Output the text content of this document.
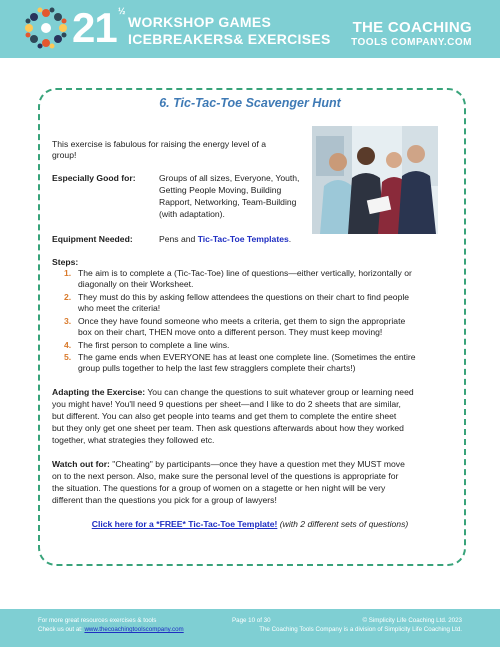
21 ½
WORKSHOP GAMES
ICEBREAKERS& EXERCISES
THE COACHING
TOOLS COMPANY.COM
6. Tic-Tac-Toe Scavenger Hunt
This exercise is fabulous for raising the energy level of a
group!
Especially Good for:	Groups of all sizes, Everyone, Youth,
Getting People Moving, Building
Rapport, Networking, Team-Building
(with adaptation).
Equipment Needed:	Pens and Tic-Tac-Toe Templates.
Steps:
1. The aim is to complete a (Tic-Tac-Toe) line of questions—either vertically, horizontally or
diagonally on their Worksheet.
2. They must do this by asking fellow attendees the questions on their chart to find people
who meet the criteria!
3. Once they have found someone who meets a criteria, get them to sign the appropriate
box on their chart, THEN move onto a different person. They must keep moving!
4. The first person to complete a line wins.
5. The game ends when EVERYONE has at least one complete line. (Sometimes the entire
group pulls together to help the last few stragglers complete their charts!)
Adapting the Exercise: You can change the questions to suit whatever group or learning need
you might have! You'll need 9 questions per sheet—and I like to do 2 sheets that are similar,
but different. You can also get people into teams and get them to complete the entire sheet
but they only get one sheet per team. Then ask questions afterwards about how they worked
together, what strategies they followed etc.
Watch out for: "Cheating" by participants—once they have a question met they MUST move
on to the next person. Also, make sure the personal level of the questions is appropriate for
the situation. The questions for a group of women on a stagette or hen night will be very
different than the questions you pick for a group of lawyers!
Click here for a *FREE* Tic-Tac-Toe Template! (with 2 different sets of questions)
For more great resources exercises & tools
Check us out at: www.thecoachingtoolscompany.com
Page 10 of 30	© Simplicity Life Coaching Ltd. 2023
The Coaching Tools Company is a division of Simplicity Life Coaching Ltd.
